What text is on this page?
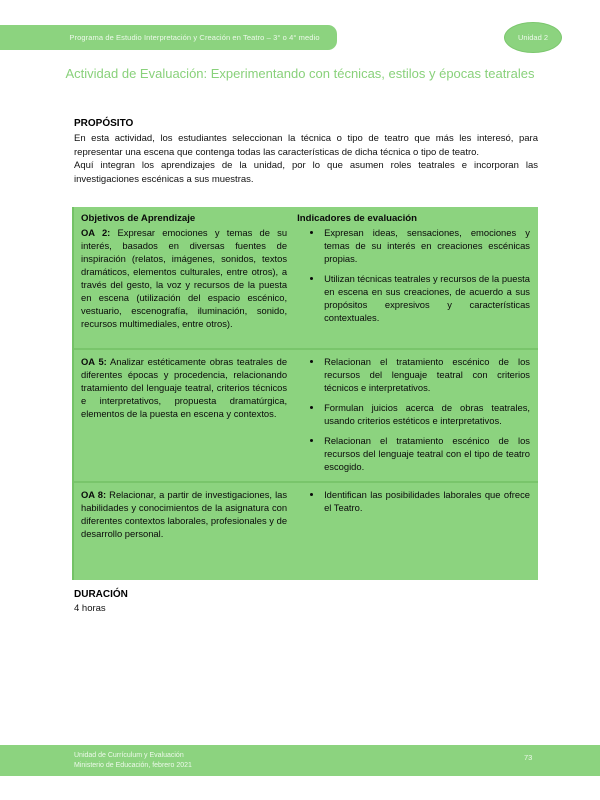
Programa de Estudio Interpretación y Creación en Teatro – 3° o 4° medio	Unidad 2
Actividad de Evaluación: Experimentando con técnicas, estilos y épocas teatrales
PROPÓSITO

En esta actividad, los estudiantes seleccionan la técnica o tipo de teatro que más les interesó, para representar una escena que contenga todas las características de dicha técnica o tipo de teatro.

Aquí integran los aprendizajes de la unidad, por lo que asumen roles teatrales e incorporan las investigaciones escénicas a sus muestras.

Objetivos de Aprendizaje

OA 2: Expresar emociones y temas de su interés, basados en diversas fuentes de inspiración (relatos, imágenes, sonidos, textos dramáticos, elementos culturales, entre otros), a través del gesto, la voz y recursos de la puesta en escena (utilización del espacio escénico, vestuario, escenografía, iluminación, sonido, recursos multimediales, entre otros).

Indicadores de evaluación
• Expresan ideas, sensaciones, emociones y temas de su interés en creaciones escénicas propias.
• Utilizan técnicas teatrales y recursos de la puesta en escena en sus creaciones, de acuerdo a sus propósitos expresivos y características contextuales.

OA 5: Analizar estéticamente obras teatrales de diferentes épocas y procedencia, relacionando tratamiento del lenguaje teatral, criterios técnicos e interpretativos, propuesta dramatúrgica, elementos de la puesta en escena y contextos.

• Relacionan el tratamiento escénico de los recursos del lenguaje teatral con criterios técnicos e interpretativos.
• Formulan juicios acerca de obras teatrales, usando criterios estéticos e interpretativos.
• Relacionan el tratamiento escénico de los recursos del lenguaje teatral con el tipo de teatro escogido.

OA 8: Relacionar, a partir de investigaciones, las habilidades y conocimientos de la asignatura con diferentes contextos laborales, profesionales y de desarrollo personal.

• Identifican las posibilidades laborales que ofrece el Teatro.
DURACIÓN
4 horas
Unidad de Currículum y Evaluación
Ministerio de Educación, febrero 2021
73
